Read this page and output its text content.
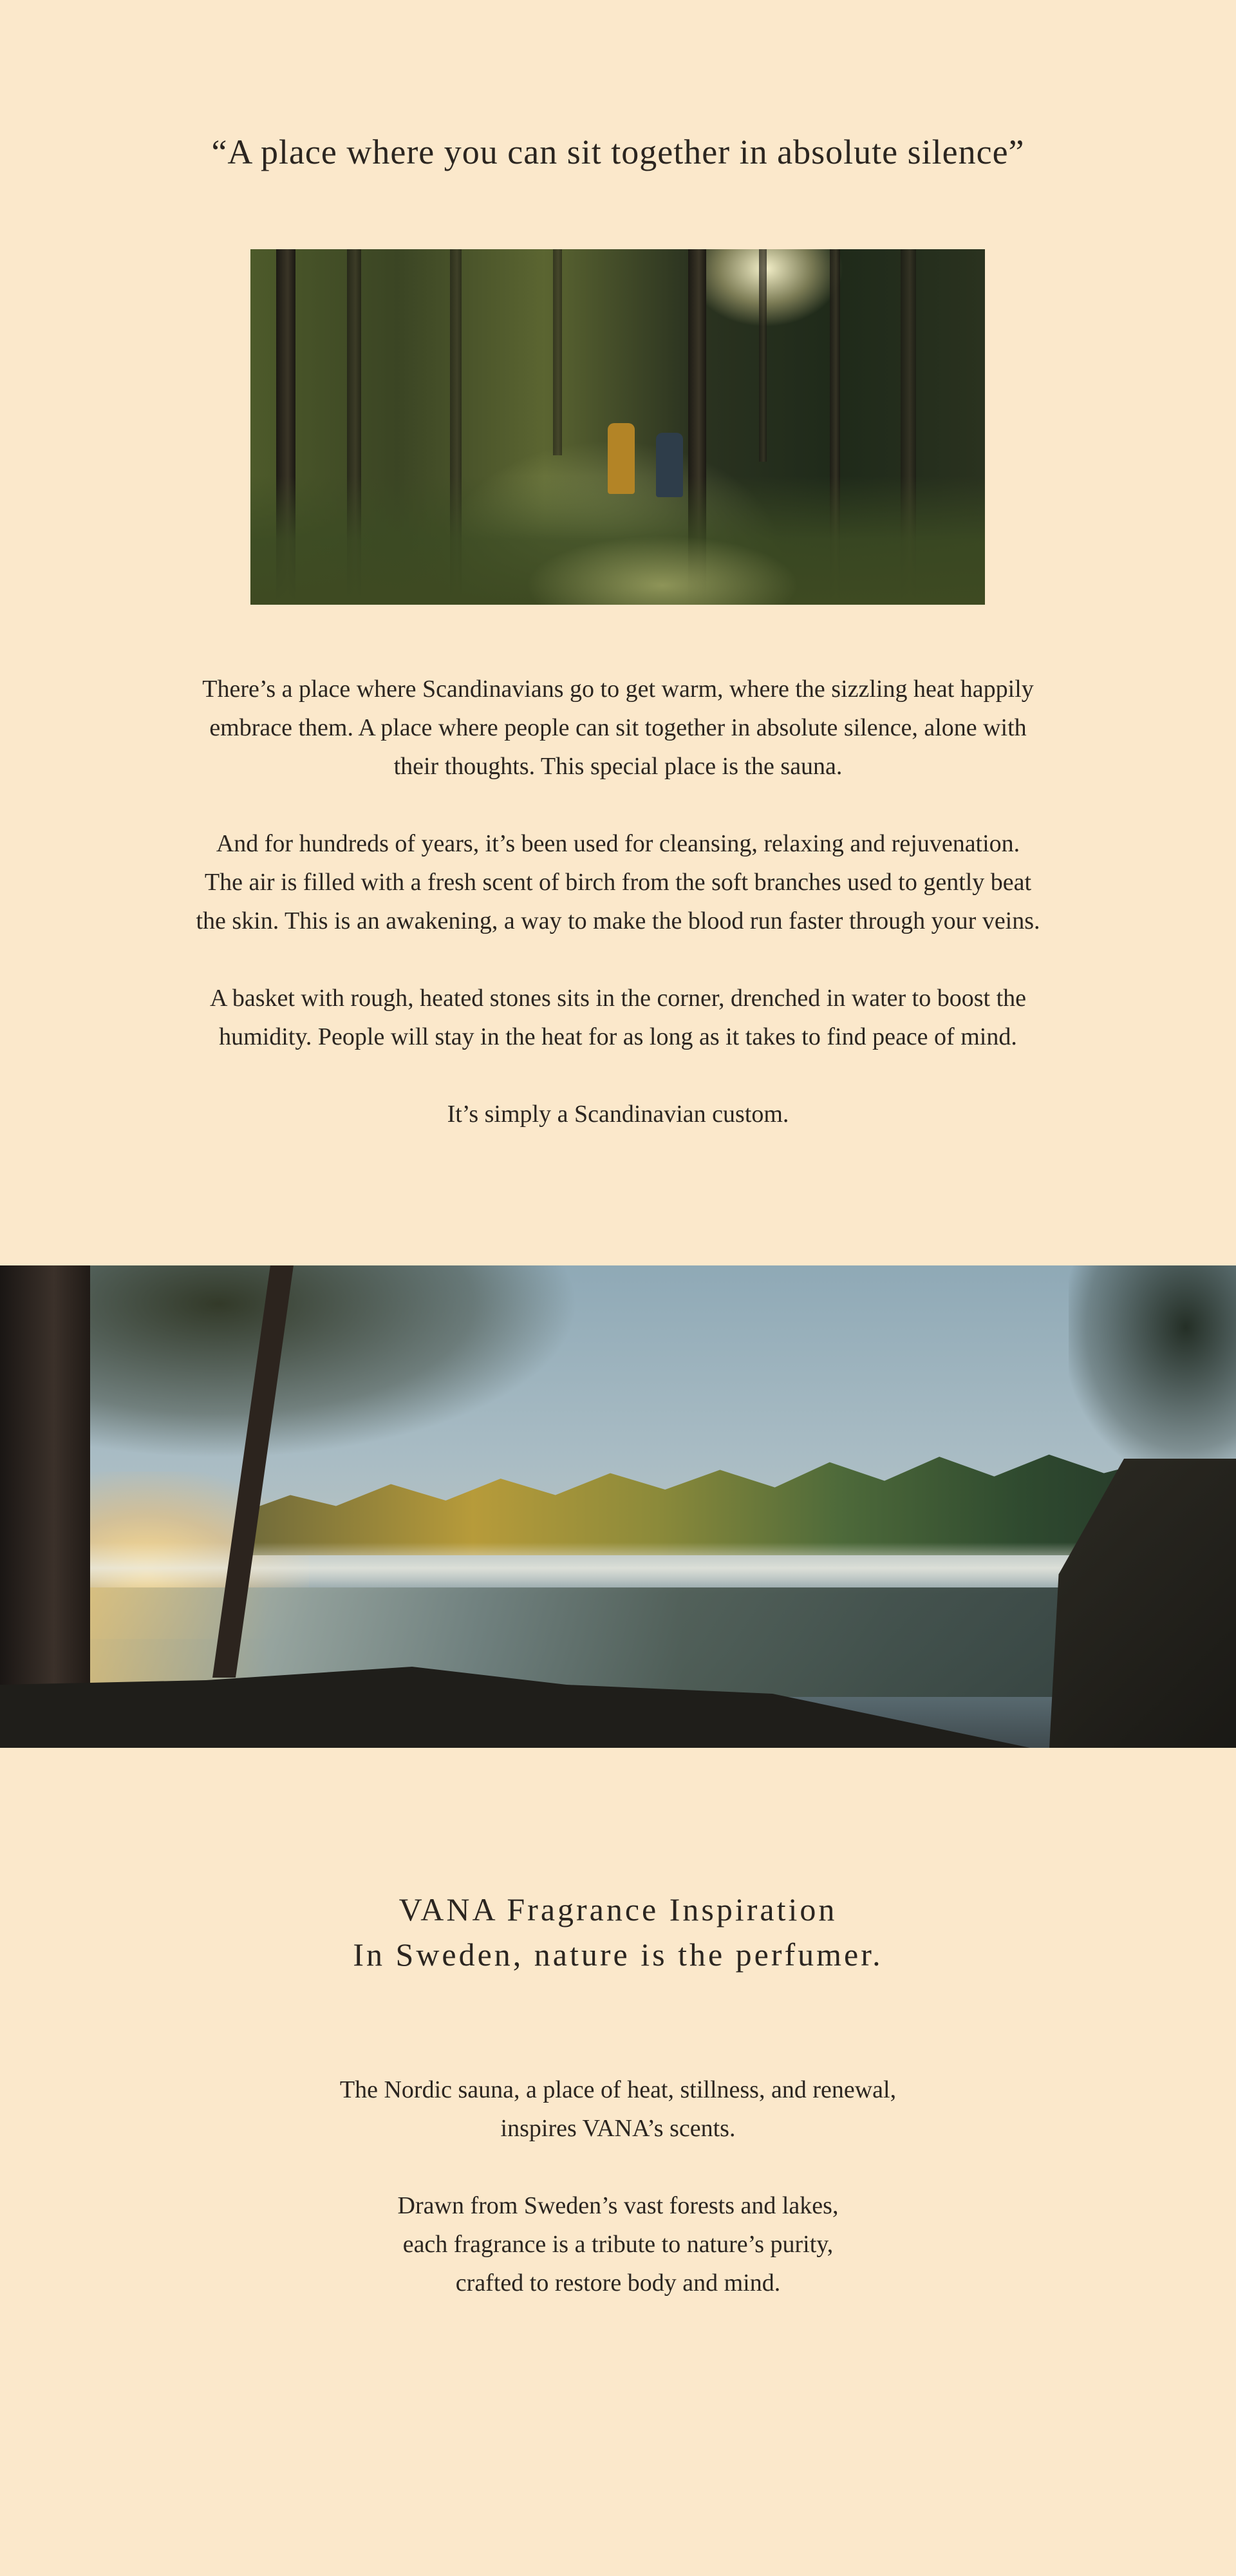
“A place where you can sit together in absolute silence”

There’s a place where Scandinavians go to get warm, where the sizzling heat happily
embrace them. A place where people can sit together in absolute silence, alone with
their thoughts. This special place is the sauna.

And for hundreds of years, it’s been used for cleansing, relaxing and rejuvenation.
The air is filled with a fresh scent of birch from the soft branches used to gently beat
the skin. This is an awakening, a way to make the blood run faster through your veins.

A basket with rough, heated stones sits in the corner, drenched in water to boost the
humidity. People will stay in the heat for as long as it takes to find peace of mind.

It’s simply a Scandinavian custom.

VANA Fragrance Inspiration
In Sweden, nature is the perfumer.

The Nordic sauna, a place of heat, stillness, and renewal,
inspires VANA’s scents.

Drawn from Sweden’s vast forests and lakes,
each fragrance is a tribute to nature’s purity,
crafted to restore body and mind.
